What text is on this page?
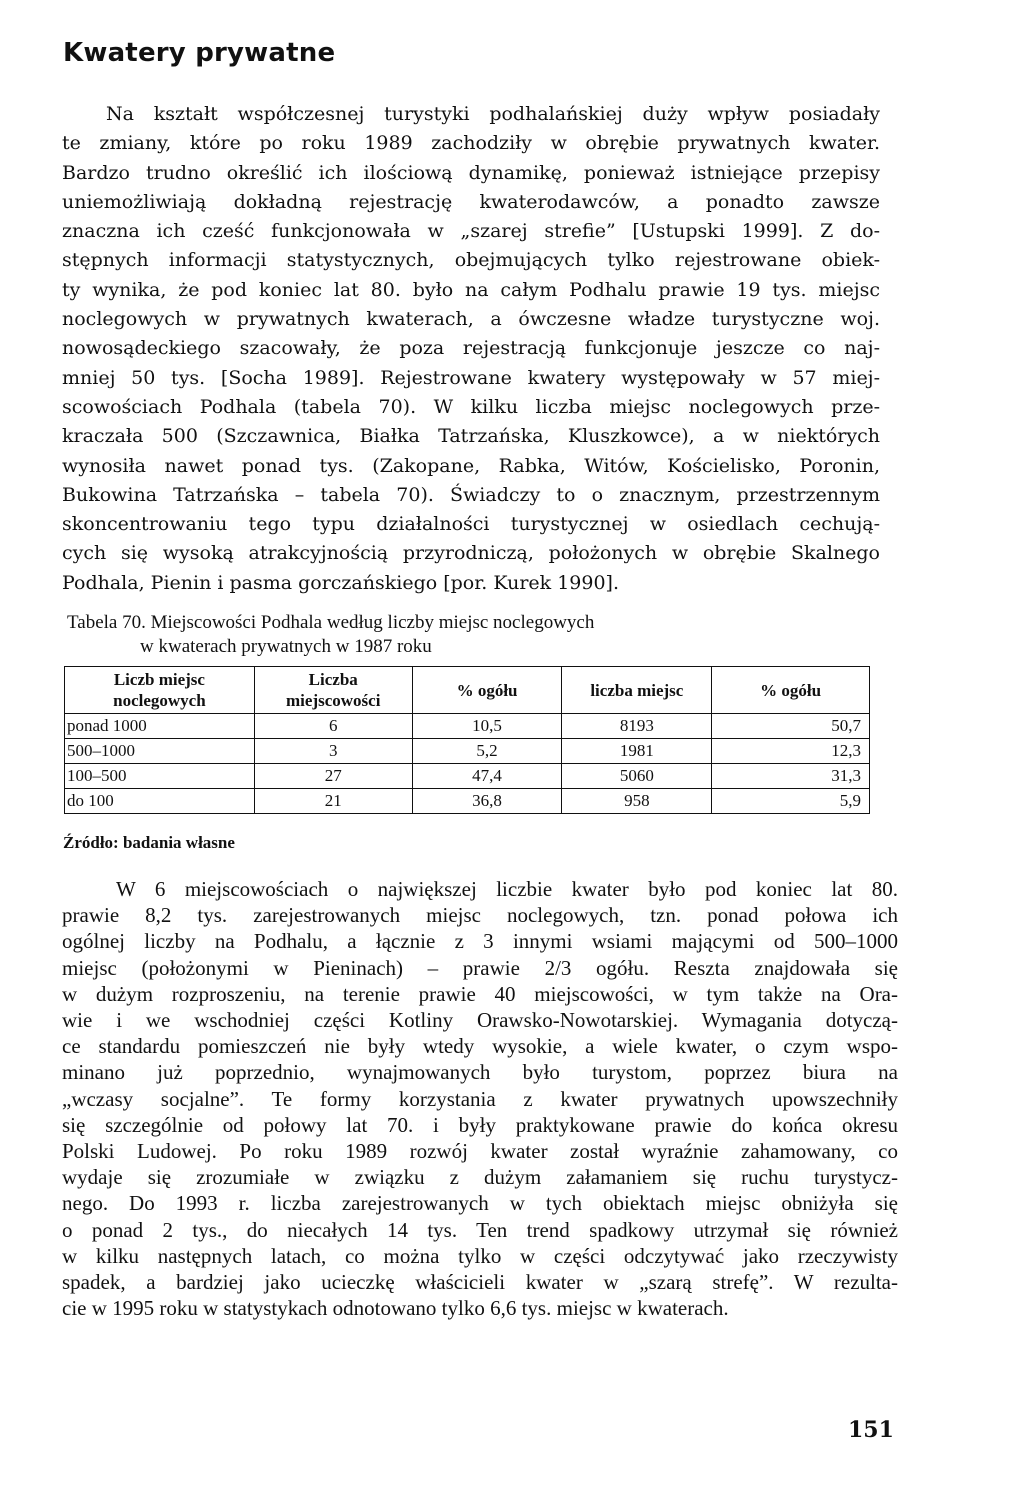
Kwatery prywatne
Na kształt współczesnej turystyki podhalańskiej duży wpływ posiadały
te zmiany, które po roku 1989 zachodziły w obrębie prywatnych kwater.
Bardzo trudno określić ich ilościową dynamikę, ponieważ istniejące przepisy
uniemożliwiają dokładną rejestrację kwaterodawców, a ponadto zawsze
znaczna ich cześć funkcjonowała w „szarej strefie” [Ustupski 1999]. Z do-
stępnych informacji statystycznych, obejmujących tylko rejestrowane obiek-
ty wynika, że pod koniec lat 80. było na całym Podhalu prawie 19 tys. miejsc
noclegowych w prywatnych kwaterach, a ówczesne władze turystyczne woj.
nowosądeckiego szacowały, że poza rejestracją funkcjonuje jeszcze co naj-
mniej 50 tys. [Socha 1989]. Rejestrowane kwatery występowały w 57 miej-
scowościach Podhala (tabela 70). W kilku liczba miejsc noclegowych prze-
kraczała 500 (Szczawnica, Białka Tatrzańska, Kluszkowce), a w niektórych
wynosiła nawet ponad tys. (Zakopane, Rabka, Witów, Kościelisko, Poronin,
Bukowina Tatrzańska – tabela 70). Świadczy to o znacznym, przestrzennym
skoncentrowaniu tego typu działalności turystycznej w osiedlach cechują-
cych się wysoką atrakcyjnością przyrodniczą, położonych w obrębie Skalnego
Podhala, Pienin i pasma gorczańskiego [por. Kurek 1990].

Tabela 70. Miejscowości Podhala według liczby miejsc noclegowych
w kwaterach prywatnych w 1987 roku

Liczb miejsc noclegowych	Liczba miejscowości	% ogółu	liczba miejsc	% ogółu
ponad 1000	6	10,5	8193	50,7
500–1000	3	5,2	1981	12,3
100–500	27	47,4	5060	31,3
do 100	21	36,8	958	5,9

Źródło: badania własne

W 6 miejscowościach o największej liczbie kwater było pod koniec lat 80.
prawie 8,2 tys. zarejestrowanych miejsc noclegowych, tzn. ponad połowa ich
ogólnej liczby na Podhalu, a łącznie z 3 innymi wsiami mającymi od 500–1000
miejsc (położonymi w Pieninach) – prawie 2/3 ogółu. Reszta znajdowała się
w dużym rozproszeniu, na terenie prawie 40 miejscowości, w tym także na Ora-
wie i we wschodniej części Kotliny Orawsko-Nowotarskiej. Wymagania dotyczą-
ce standardu pomieszczeń nie były wtedy wysokie, a wiele kwater, o czym wspo-
minano już poprzednio, wynajmowanych było turystom, poprzez biura na
„wczasy socjalne”. Te formy korzystania z kwater prywatnych upowszechniły
się szczególnie od połowy lat 70. i były praktykowane prawie do końca okresu
Polski Ludowej. Po roku 1989 rozwój kwater został wyraźnie zahamowany, co
wydaje się zrozumiałe w związku z dużym załamaniem się ruchu turystycz-
nego. Do 1993 r. liczba zarejestrowanych w tych obiektach miejsc obniżyła się
o ponad 2 tys., do niecałych 14 tys. Ten trend spadkowy utrzymał się również
w kilku następnych latach, co można tylko w części odczytywać jako rzeczywisty
spadek, a bardziej jako ucieczkę właścicieli kwater w „szarą strefę”. W rezulta-
cie w 1995 roku w statystykach odnotowano tylko 6,6 tys. miejsc w kwaterach.

151
